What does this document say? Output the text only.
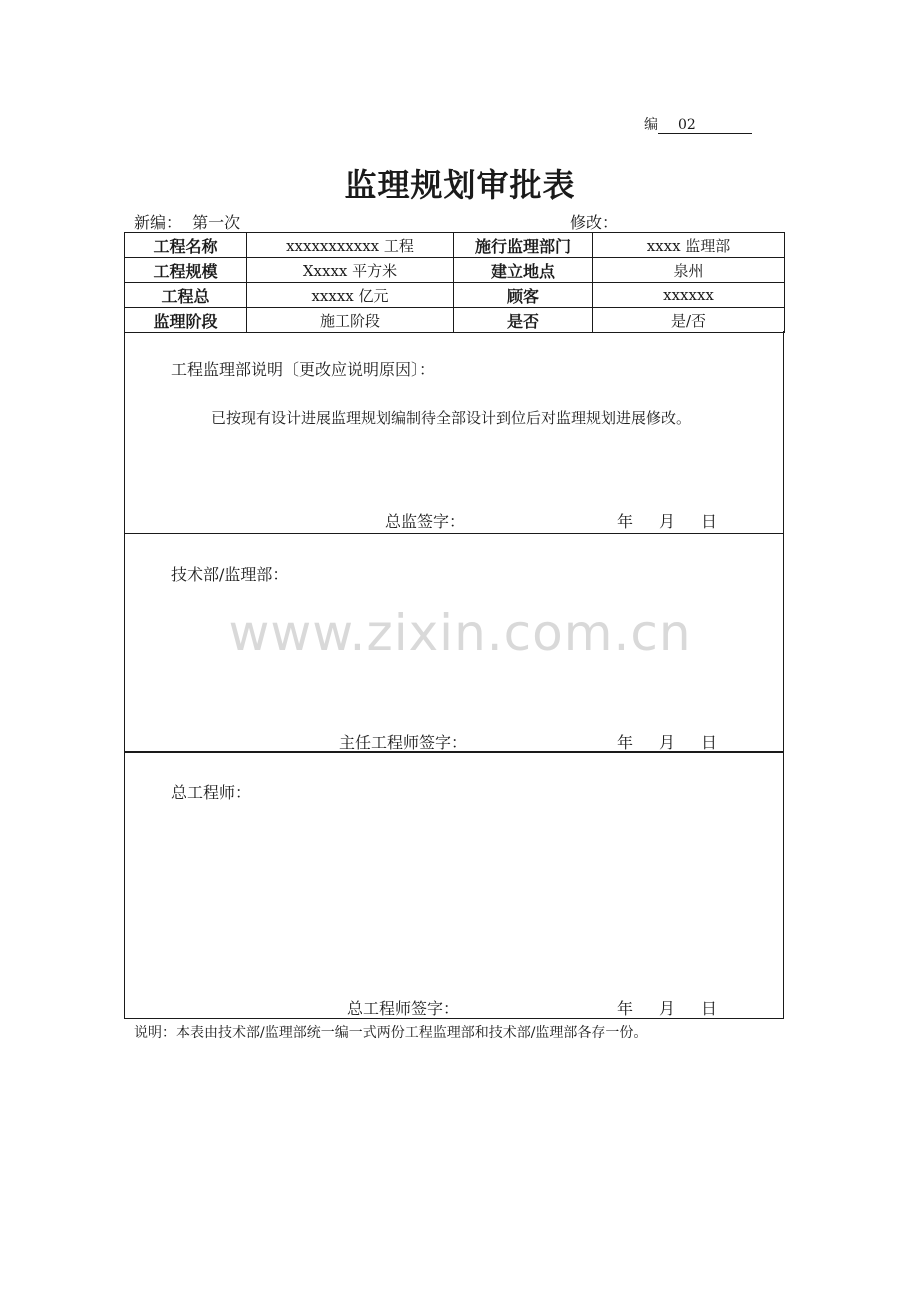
编 02
监理规划审批表
新编：  第一次	修改：
工程名称	xxxxxxxxxxx 工程	施行监理部门	xxxx 监理部
工程规模	Xxxxx 平方米	建立地点	泉州
工程总	xxxxx 亿元	顾客	xxxxxx
监理阶段	施工阶段	是否	是/否
工程监理部说明〔更改应说明原因〕：
已按现有设计进展监理规划编制待全部设计到位后对监理规划进展修改。
总监签字：	年 月 日
技术部/监理部：
主任工程师签字：	年 月 日
总工程师：
总工程师签字：	年 月 日
www.zixin.com.cn
说明：本表由技术部/监理部统一编一式两份工程监理部和技术部/监理部各存一份。
